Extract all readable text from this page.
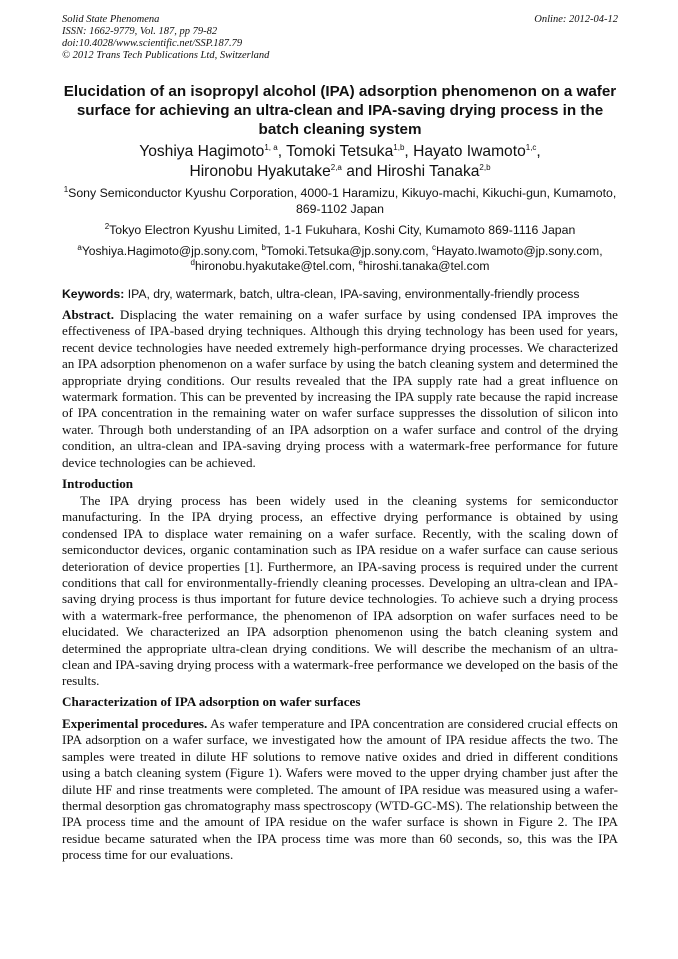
Solid State Phenomena
ISSN: 1662-9779, Vol. 187, pp 79-82
doi:10.4028/www.scientific.net/SSP.187.79
© 2012 Trans Tech Publications Ltd, Switzerland
Online: 2012-04-12
Elucidation of an isopropyl alcohol (IPA) adsorption phenomenon on a wafer surface for achieving an ultra-clean and IPA-saving drying process in the batch cleaning system
Yoshiya Hagimoto$^{1, a}$, Tomoki Tetsuka$^{1,b}$, Hayato Iwamoto$^{1,c}$,
Hironobu Hyakutake$^{2,a}$ and Hiroshi Tanaka$^{2,b}$
$^1$Sony Semiconductor Kyushu Corporation, 4000-1 Haramizu, Kikuyo-machi, Kikuchi-gun, Kumamoto, 869-1102 Japan
$^2$Tokyo Electron Kyushu Limited, 1-1 Fukuhara, Koshi City, Kumamoto 869-1116 Japan
$^a$Yoshiya.Hagimoto@jp.sony.com, $^b$Tomoki.Tetsuka@jp.sony.com, $^c$Hayato.Iwamoto@jp.sony.com,
$^d$hironobu.hyakutake@tel.com, $^e$hiroshi.tanaka@tel.com
Keywords: IPA, dry, watermark, batch, ultra-clean, IPA-saving, environmentally-friendly process
Abstract. Displacing the water remaining on a wafer surface by using condensed IPA improves the effectiveness of IPA-based drying techniques. Although this drying technology has been used for years, recent device technologies have needed extremely high-performance drying processes. We characterized an IPA adsorption phenomenon on a wafer surface by using the batch cleaning system and determined the appropriate drying conditions. Our results revealed that the IPA supply rate had a great influence on watermark formation. This can be prevented by increasing the IPA supply rate because the rapid increase of IPA concentration in the remaining water on wafer surface suppresses the dissolution of silicon into water. Through both understanding of an IPA adsorption on a wafer surface and control of the drying condition, an ultra-clean and IPA-saving drying process with a watermark-free performance for future device technologies can be achieved.
Introduction
The IPA drying process has been widely used in the cleaning systems for semiconductor manufacturing. In the IPA drying process, an effective drying performance is obtained by using condensed IPA to displace water remaining on a wafer surface. Recently, with the scaling down of semiconductor devices, organic contamination such as IPA residue on a wafer surface can cause serious deterioration of device properties [1]. Furthermore, an IPA-saving process is required under the current conditions that call for environmentally-friendly cleaning processes. Developing an ultra-clean and IPA-saving drying process is thus important for future device technologies. To achieve such a drying process with a watermark-free performance, the phenomenon of IPA adsorption on wafer surfaces need to be elucidated. We characterized an IPA adsorption phenomenon using the batch cleaning system and determined the appropriate ultra-clean drying conditions. We will describe the mechanism of an ultra-clean and IPA-saving drying process with a watermark-free performance we developed on the basis of the results.
Characterization of IPA adsorption on wafer surfaces
Experimental procedures. As wafer temperature and IPA concentration are considered crucial effects on IPA adsorption on a wafer surface, we investigated how the amount of IPA residue affects the two. The samples were treated in dilute HF solutions to remove native oxides and dried in different conditions using a batch cleaning system (Figure 1). Wafers were moved to the upper drying chamber just after the dilute HF and rinse treatments were completed. The amount of IPA residue was measured using a wafer-thermal desorption gas chromatography mass spectroscopy (WTD-GC-MS). The relationship between the IPA process time and the amount of IPA residue on the wafer surface is shown in Figure 2. The IPA residue became saturated when the IPA process time was more than 60 seconds, so, this was the IPA process time for our evaluations.
